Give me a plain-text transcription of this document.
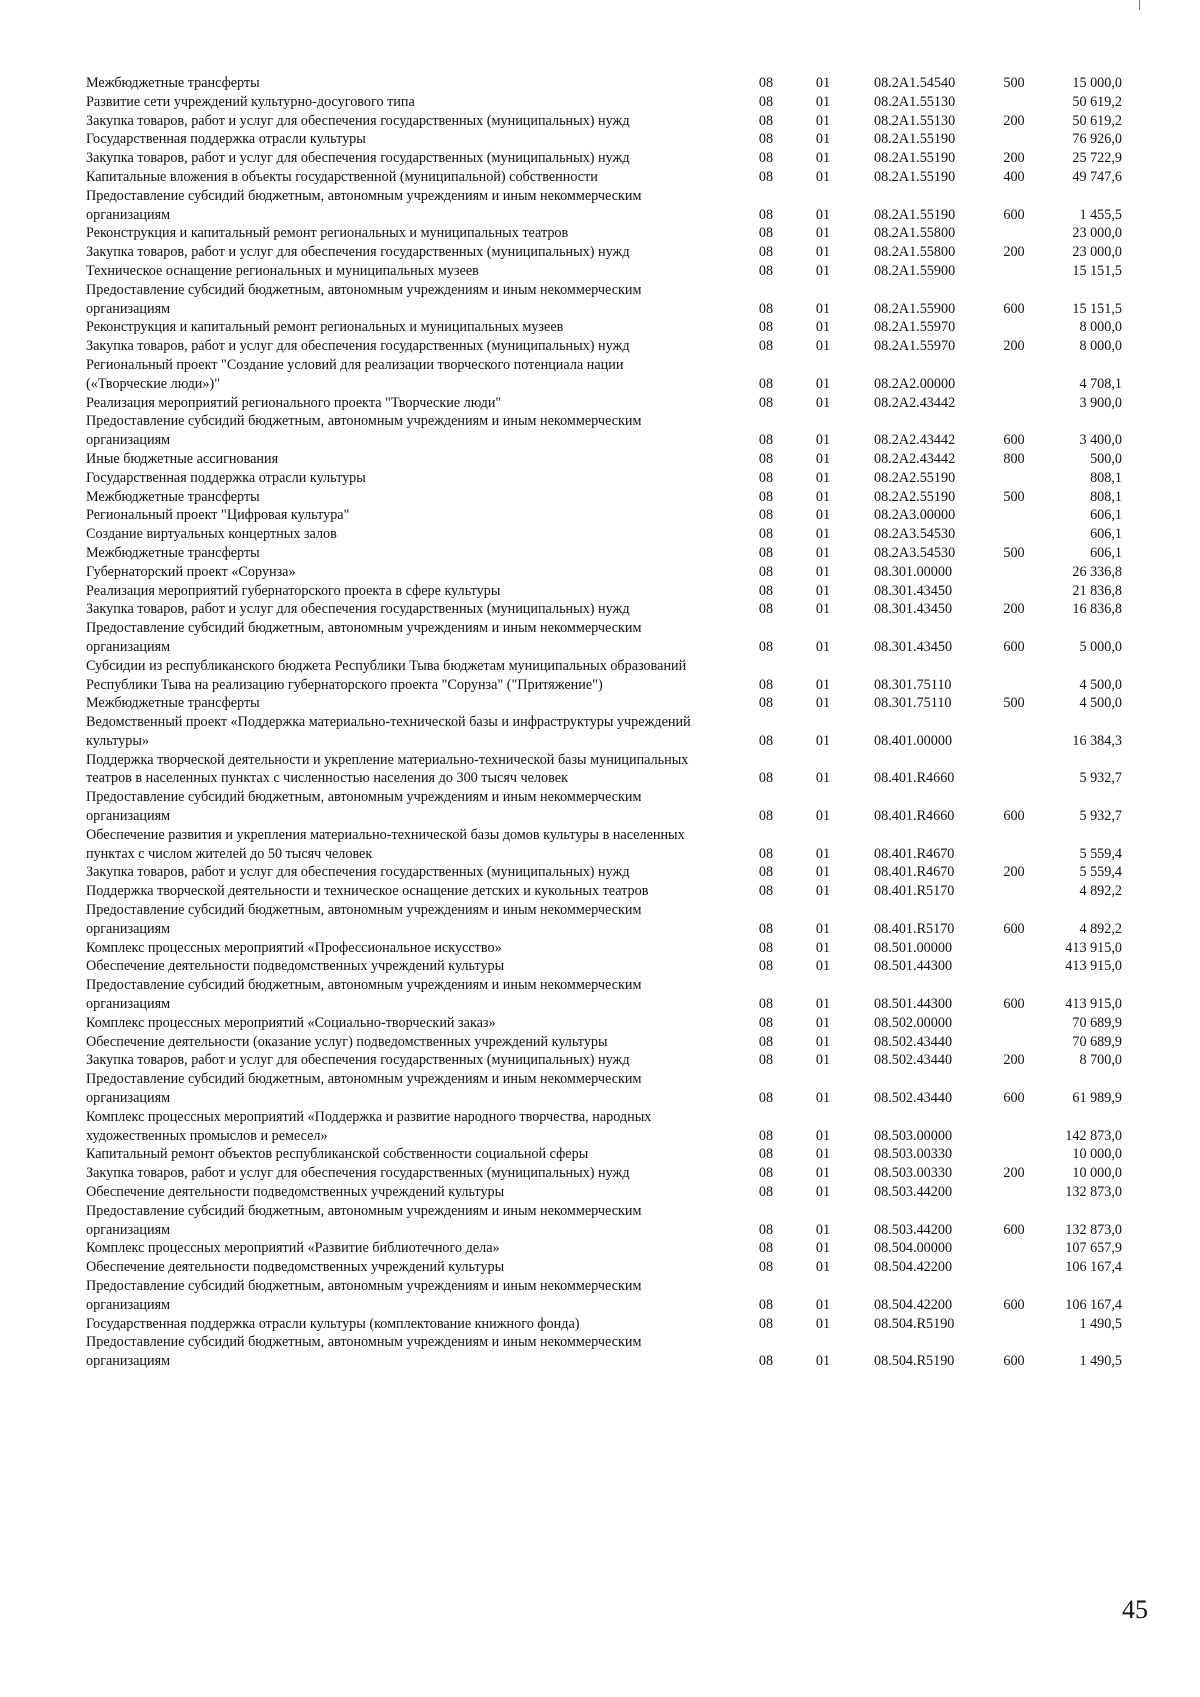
Межбюджетные трансферты	08	01	08.2А1.54540	500	15 000,0
Развитие сети учреждений культурно-досугового типа	08	01	08.2А1.55130		50 619,2
Закупка товаров, работ и услуг для обеспечения государственных (муниципальных) нужд	08	01	08.2А1.55130	200	50 619,2
Государственная поддержка отрасли культуры	08	01	08.2А1.55190		76 926,0
Закупка товаров, работ и услуг для обеспечения государственных (муниципальных) нужд	08	01	08.2А1.55190	200	25 722,9
Капитальные вложения в объекты государственной (муниципальной) собственности	08	01	08.2А1.55190	400	49 747,6
Предоставление субсидий бюджетным, автономным учреждениям и иным некоммерческим организациям	08	01	08.2А1.55190	600	1 455,5
Реконструкция и капитальный ремонт региональных и муниципальных театров	08	01	08.2А1.55800		23 000,0
Закупка товаров, работ и услуг для обеспечения государственных (муниципальных) нужд	08	01	08.2А1.55800	200	23 000,0
Техническое оснащение региональных и муниципальных музеев	08	01	08.2А1.55900		15 151,5
Предоставление субсидий бюджетным, автономным учреждениям и иным некоммерческим организациям	08	01	08.2А1.55900	600	15 151,5
Реконструкция и капитальный ремонт региональных и муниципальных музеев	08	01	08.2А1.55970		8 000,0
Закупка товаров, работ и услуг для обеспечения государственных (муниципальных) нужд	08	01	08.2А1.55970	200	8 000,0
Региональный проект "Создание условий для реализации творческого потенциала нации («Творческие люди»)"	08	01	08.2А2.00000		4 708,1
Реализация мероприятий регионального проекта "Творческие люди"	08	01	08.2А2.43442		3 900,0
Предоставление субсидий бюджетным, автономным учреждениям и иным некоммерческим организациям	08	01	08.2А2.43442	600	3 400,0
Иные бюджетные ассигнования	08	01	08.2А2.43442	800	500,0
Государственная поддержка отрасли культуры	08	01	08.2А2.55190		808,1
Межбюджетные трансферты	08	01	08.2А2.55190	500	808,1
Региональный проект "Цифровая культура"	08	01	08.2А3.00000		606,1
Создание виртуальных концертных залов	08	01	08.2А3.54530		606,1
Межбюджетные трансферты	08	01	08.2А3.54530	500	606,1
Губернаторский проект «Сорунза»	08	01	08.301.00000		26 336,8
Реализация мероприятий губернаторского проекта в сфере культуры	08	01	08.301.43450		21 836,8
Закупка товаров, работ и услуг для обеспечения государственных (муниципальных) нужд	08	01	08.301.43450	200	16 836,8
Предоставление субсидий бюджетным, автономным учреждениям и иным некоммерческим организациям	08	01	08.301.43450	600	5 000,0
Субсидии из республиканского бюджета Республики Тыва бюджетам муниципальных образований Республики Тыва на реализацию губернаторского проекта "Сорунза" ("Притяжение")	08	01	08.301.75110		4 500,0
Межбюджетные трансферты	08	01	08.301.75110	500	4 500,0
Ведомственный проект «Поддержка материально-технической базы и инфраструктуры учреждений культуры»	08	01	08.401.00000		16 384,3
Поддержка творческой деятельности и укрепление материально-технической базы муниципальных театров в населенных пунктах с численностью населения до 300 тысяч человек	08	01	08.401.R4660		5 932,7
Предоставление субсидий бюджетным, автономным учреждениям и иным некоммерческим организациям	08	01	08.401.R4660	600	5 932,7
Обеспечение развития и укрепления материально-технической базы домов культуры в населенных пунктах с числом жителей до 50 тысяч человек	08	01	08.401.R4670		5 559,4
Закупка товаров, работ и услуг для обеспечения государственных (муниципальных) нужд	08	01	08.401.R4670	200	5 559,4
Поддержка творческой деятельности и техническое оснащение детских и кукольных театров	08	01	08.401.R5170		4 892,2
Предоставление субсидий бюджетным, автономным учреждениям и иным некоммерческим организациям	08	01	08.401.R5170	600	4 892,2
Комплекс процессных мероприятий «Профессиональное искусство»	08	01	08.501.00000		413 915,0
Обеспечение деятельности подведомственных учреждений культуры	08	01	08.501.44300		413 915,0
Предоставление субсидий бюджетным, автономным учреждениям и иным некоммерческим организациям	08	01	08.501.44300	600	413 915,0
Комплекс процессных мероприятий «Социально-творческий заказ»	08	01	08.502.00000		70 689,9
Обеспечение деятельности (оказание услуг) подведомственных учреждений культуры	08	01	08.502.43440		70 689,9
Закупка товаров, работ и услуг для обеспечения государственных (муниципальных) нужд	08	01	08.502.43440	200	8 700,0
Предоставление субсидий бюджетным, автономным учреждениям и иным некоммерческим организациям	08	01	08.502.43440	600	61 989,9
Комплекс процессных мероприятий «Поддержка и развитие народного творчества, народных художественных промыслов и ремесел»	08	01	08.503.00000		142 873,0
Капитальный ремонт объектов республиканской собственности социальной сферы	08	01	08.503.00330		10 000,0
Закупка товаров, работ и услуг для обеспечения государственных (муниципальных) нужд	08	01	08.503.00330	200	10 000,0
Обеспечение деятельности подведомственных учреждений культуры	08	01	08.503.44200		132 873,0
Предоставление субсидий бюджетным, автономным учреждениям и иным некоммерческим организациям	08	01	08.503.44200	600	132 873,0
Комплекс процессных мероприятий «Развитие библиотечного дела»	08	01	08.504.00000		107 657,9
Обеспечение деятельности подведомственных учреждений культуры	08	01	08.504.42200		106 167,4
Предоставление субсидий бюджетным, автономным учреждениям и иным некоммерческим организациям	08	01	08.504.42200	600	106 167,4
Государственная поддержка отрасли культуры (комплектование книжного фонда)	08	01	08.504.R5190		1 490,5
Предоставление субсидий бюджетным, автономным учреждениям и иным некоммерческим организациям	08	01	08.504.R5190	600	1 490,5
45
